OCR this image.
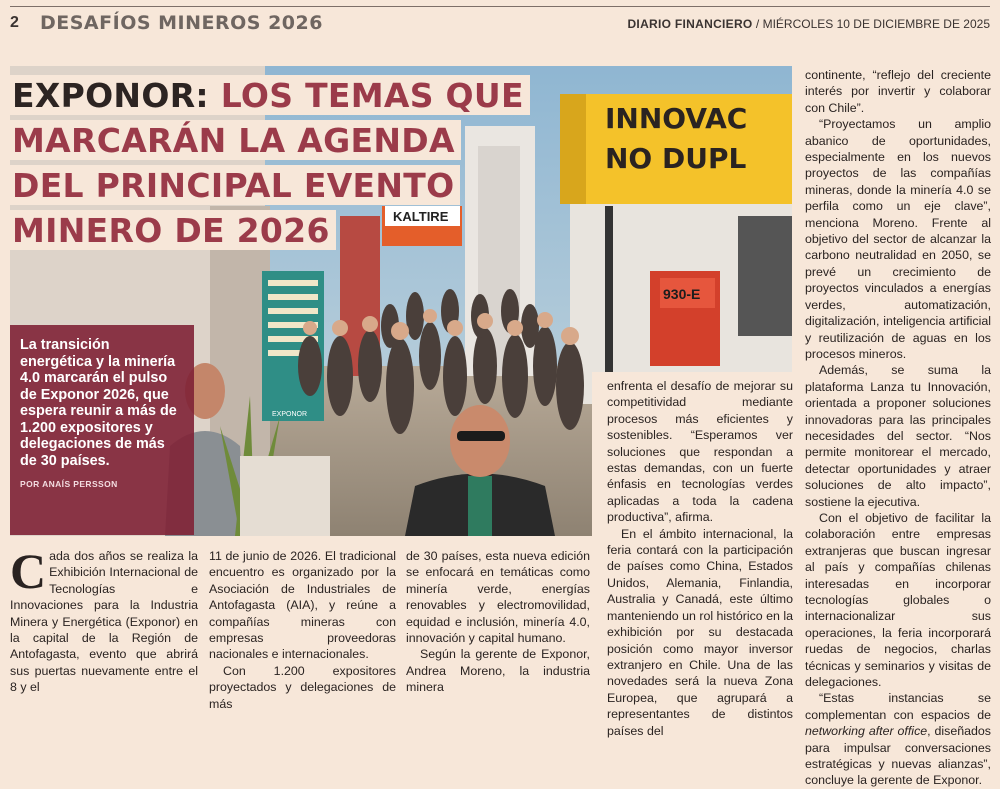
2 DESAFÍOS MINEROS 2026	DIARIO FINANCIERO / MIÉRCOLES 10 DE DICIEMBRE DE 2025
EXPONOR
KALTIRE
INNOVAC
NO DUPL
930-E
EXPONOR: LOS TEMAS QUE
MARCARÁN LA AGENDA
DEL PRINCIPAL EVENTO
MINERO DE 2026

La transición energética y la minería 4.0 marcarán el pulso de Exponor 2026, que espera reunir a más de 1.200 expositores y delegaciones de más de 30 países.

POR ANAÍS PERSSON
C ada dos años se realiza la Exhibición Internacional de Tecnologías e Innovaciones para la Industria Minera y Energética (Exponor) en la capital de la Región de Antofagasta, evento que abrirá sus puertas nuevamente entre el 8 y el

11 de junio de 2026. El tradicional encuentro es organizado por la Asociación de Industriales de Antofagasta (AIA), y reúne a compañías mineras con empresas proveedoras nacionales e internacionales.

Con 1.200 expositores proyectados y delegaciones de más

de 30 países, esta nueva edición se enfocará en temáticas como minería verde, energías renovables y electromovilidad, equidad e inclusión, minería 4.0, innovación y capital humano.

Según la gerente de Exponor, Andrea Moreno, la industria minera

enfrenta el desafío de mejorar su competitividad mediante procesos más eficientes y sostenibles. “Esperamos ver soluciones que respondan a estas demandas, con un fuerte énfasis en tecnologías verdes aplicadas a toda la cadena productiva”, afirma.

En el ámbito internacional, la feria contará con la participación de países como China, Estados Unidos, Alemania, Finlandia, Australia y Canadá, este último manteniendo un rol histórico en la exhibición por su destacada posición como mayor inversor extranjero en Chile. Una de las novedades será la nueva Zona Europea, que agrupará a representantes de distintos países del

continente, “reflejo del creciente interés por invertir y colaborar con Chile”.

“Proyectamos un amplio abanico de oportunidades, especialmente en los nuevos proyectos de las compañías mineras, donde la minería 4.0 se perfila como un eje clave”, menciona Moreno. Frente al objetivo del sector de alcanzar la carbono neutralidad en 2050, se prevé un crecimiento de proyectos vinculados a energías verdes, automatización, digitalización, inteligencia artificial y reutilización de aguas en los procesos mineros.

Además, se suma la plataforma Lanza tu Innovación, orientada a proponer soluciones innovadoras para las principales necesidades del sector. “Nos permite monitorear el mercado, detectar oportunidades y atraer soluciones de alto impacto”, sostiene la ejecutiva.

Con el objetivo de facilitar la colaboración entre empresas extranjeras que buscan ingresar al país y compañías chilenas interesadas en incorporar tecnologías globales o internacionalizar sus operaciones, la feria incorporará ruedas de negocios, charlas técnicas y seminarios y visitas de delegaciones.

“Estas instancias se complementan con espacios de networking after office, diseñados para impulsar conversaciones estratégicas y nuevas alianzas”, concluye la gerente de Exponor.
